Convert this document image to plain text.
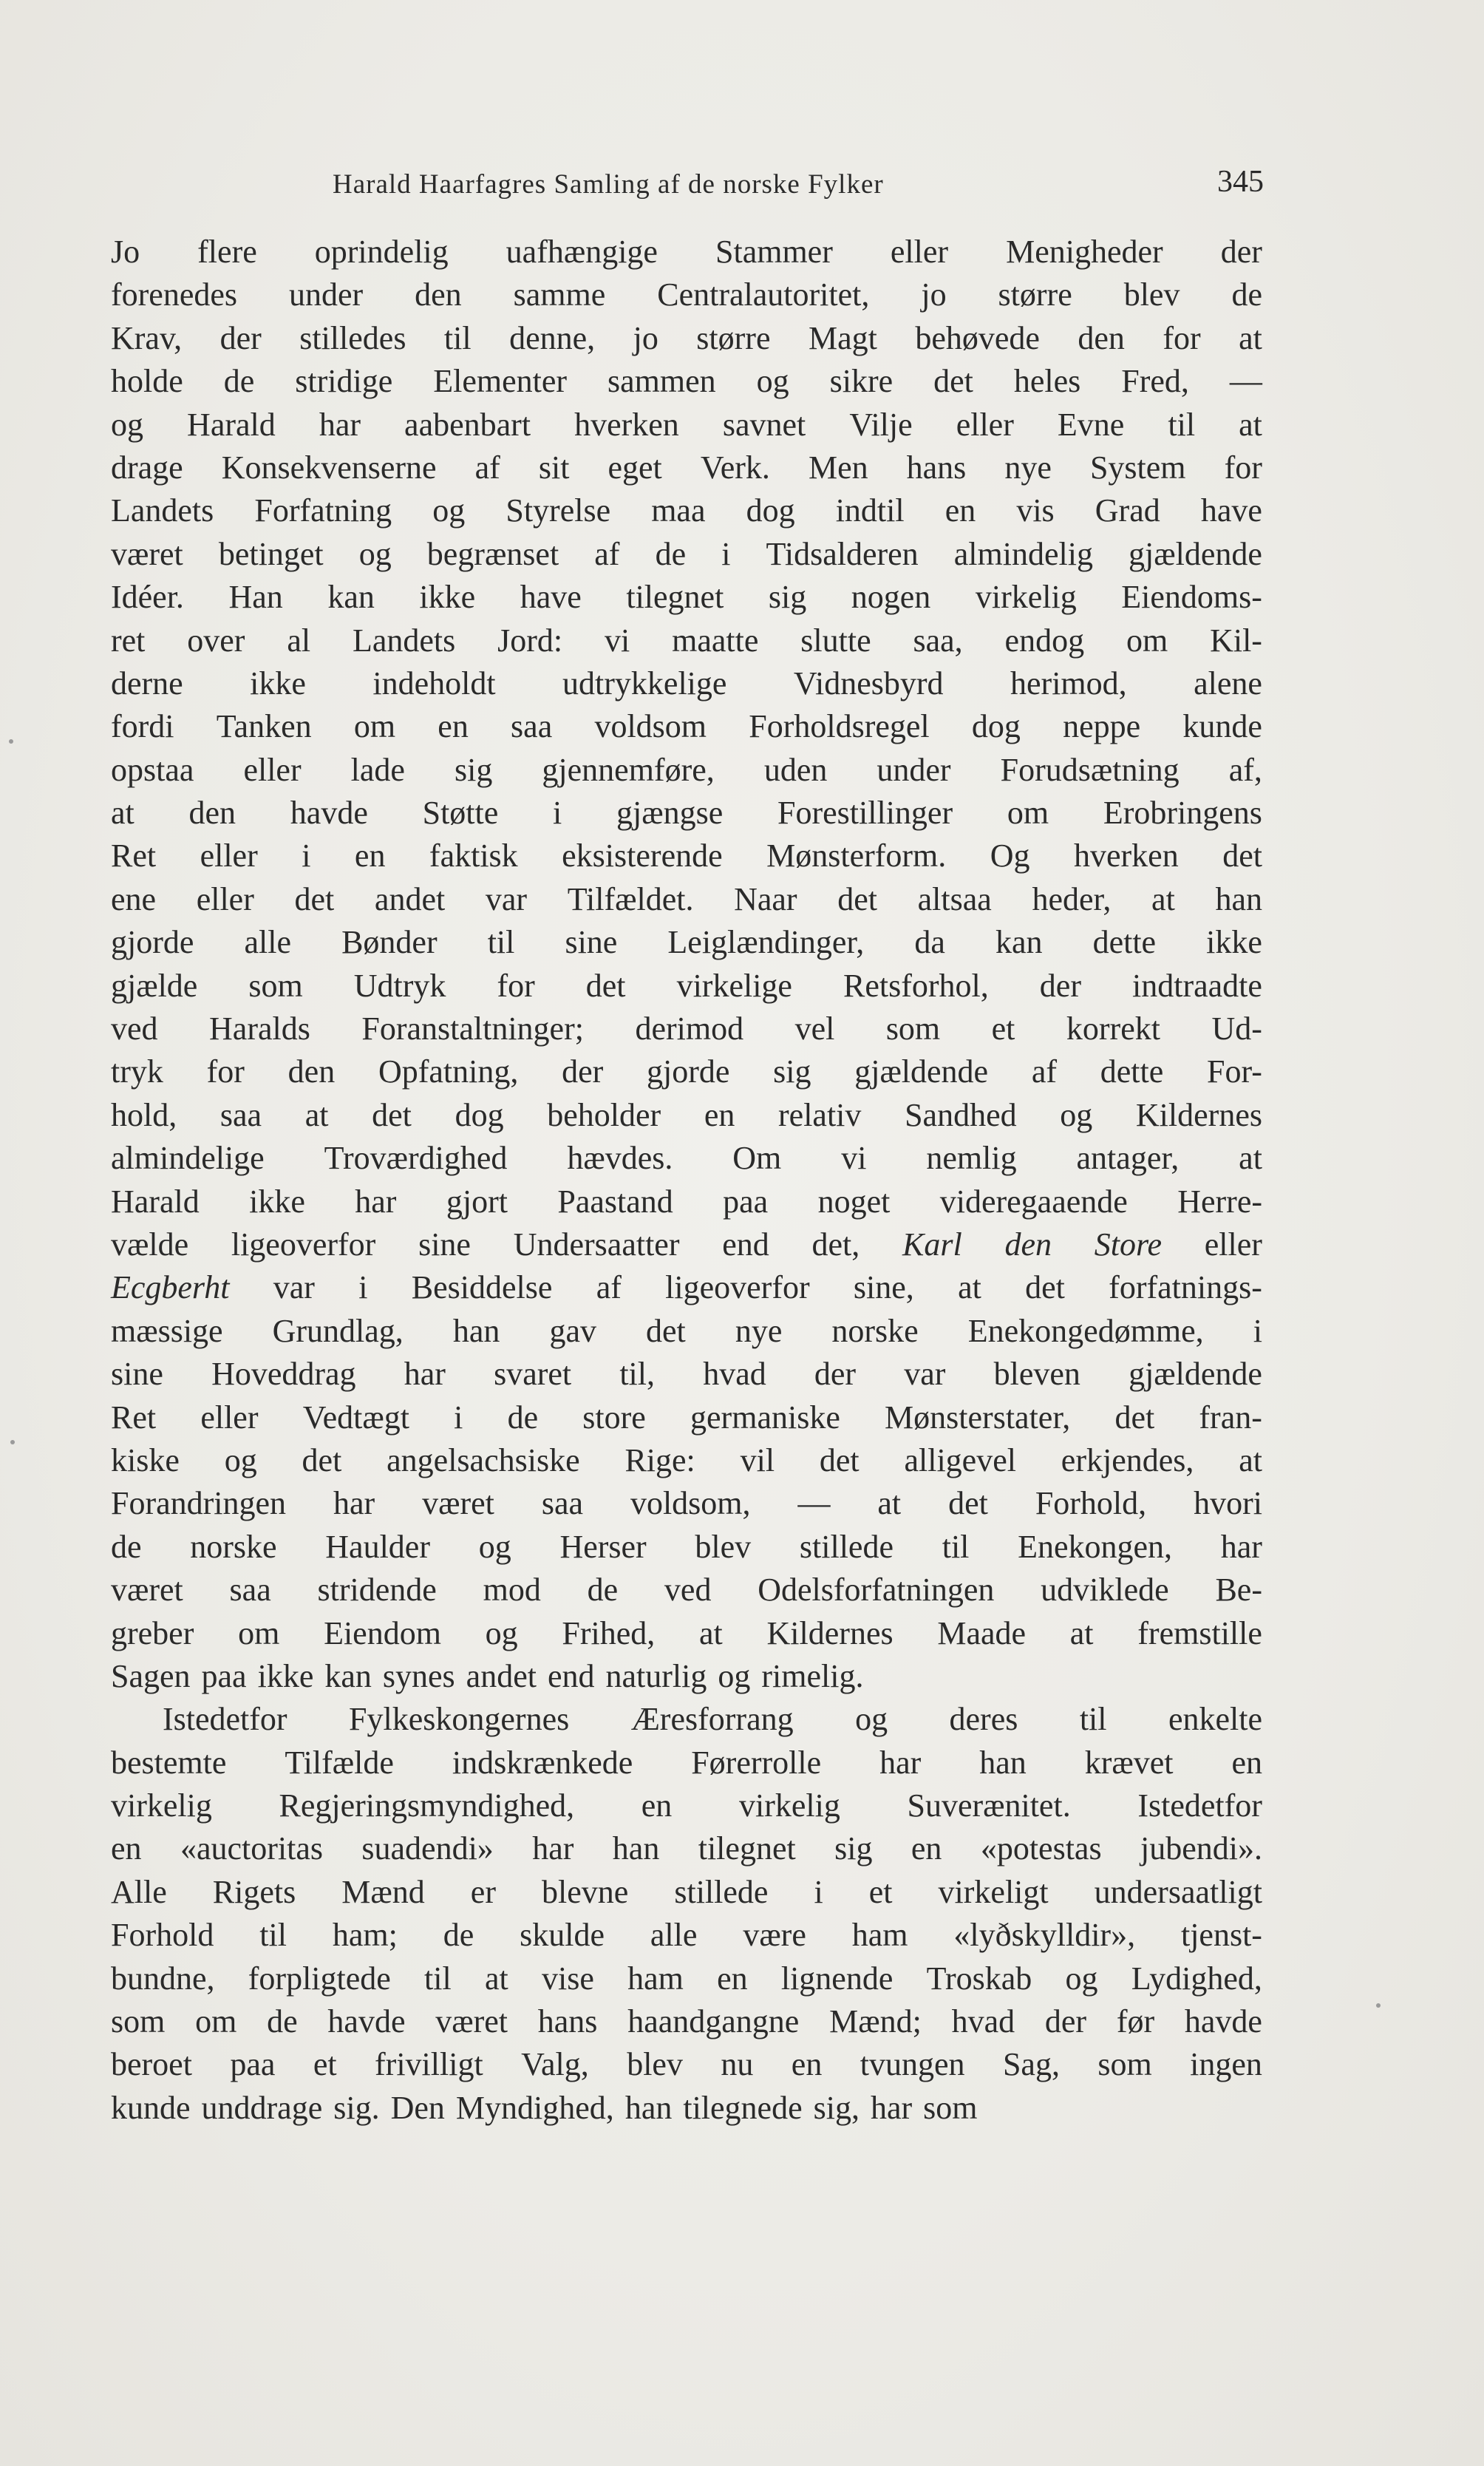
Harald Haarfagres Samling af de norske Fylker	345
Jo flere oprindelig uafhængige Stammer eller Menigheder der
forenedes under den samme Centralautoritet, jo større blev de
Krav, der stilledes til denne, jo større Magt behøvede den for at
holde de stridige Elementer sammen og sikre det heles Fred, —
og Harald har aabenbart hverken savnet Vilje eller Evne til at
drage Konsekvenserne af sit eget Verk. Men hans nye System for
Landets Forfatning og Styrelse maa dog indtil en vis Grad have
været betinget og begrænset af de i Tidsalderen almindelig gjældende
Idéer. Han kan ikke have tilegnet sig nogen virkelig Eiendoms-
ret over al Landets Jord: vi maatte slutte saa, endog om Kil-
derne ikke indeholdt udtrykkelige Vidnesbyrd herimod, alene
fordi Tanken om en saa voldsom Forholdsregel dog neppe kunde
opstaa eller lade sig gjennemføre, uden under Forudsætning af,
at den havde Støtte i gjængse Forestillinger om Erobringens
Ret eller i en faktisk eksisterende Mønsterform. Og hverken det
ene eller det andet var Tilfældet. Naar det altsaa heder, at han
gjorde alle Bønder til sine Leiglændinger, da kan dette ikke
gjælde som Udtryk for det virkelige Retsforhol, der indtraadte
ved Haralds Foranstaltninger; derimod vel som et korrekt Ud-
tryk for den Opfatning, der gjorde sig gjældende af dette For-
hold, saa at det dog beholder en relativ Sandhed og Kildernes
almindelige Troværdighed hævdes. Om vi nemlig antager, at
Harald ikke har gjort Paastand paa noget videregaaende Herre-
vælde ligeoverfor sine Undersaatter end det, Karl den Store eller
Ecgberht var i Besiddelse af ligeoverfor sine, at det forfatnings-
mæssige Grundlag, han gav det nye norske Enekongedømme, i
sine Hoveddrag har svaret til, hvad der var bleven gjældende
Ret eller Vedtægt i de store germaniske Mønsterstater, det fran-
kiske og det angelsachsiske Rige: vil det alligevel erkjendes, at
Forandringen har været saa voldsom, — at det Forhold, hvori
de norske Haulder og Herser blev stillede til Enekongen, har
været saa stridende mod de ved Odelsforfatningen udviklede Be-
greber om Eiendom og Frihed, at Kildernes Maade at fremstille
Sagen paa ikke kan synes andet end naturlig og rimelig.
Istedetfor Fylkeskongernes Æresforrang og deres til enkelte
bestemte Tilfælde indskrænkede Førerrolle har han krævet en
virkelig Regjeringsmyndighed, en virkelig Suverænitet. Istedetfor
en «auctoritas suadendi» har han tilegnet sig en «potestas jubendi».
Alle Rigets Mænd er blevne stillede i et virkeligt undersaatligt
Forhold til ham; de skulde alle være ham «lyðskylldir», tjenst-
bundne, forpligtede til at vise ham en lignende Troskab og Lydighed,
som om de havde været hans haandgangne Mænd; hvad der før havde
beroet paa et frivilligt Valg, blev nu en tvungen Sag, som ingen
kunde unddrage sig. Den Myndighed, han tilegnede sig, har som
